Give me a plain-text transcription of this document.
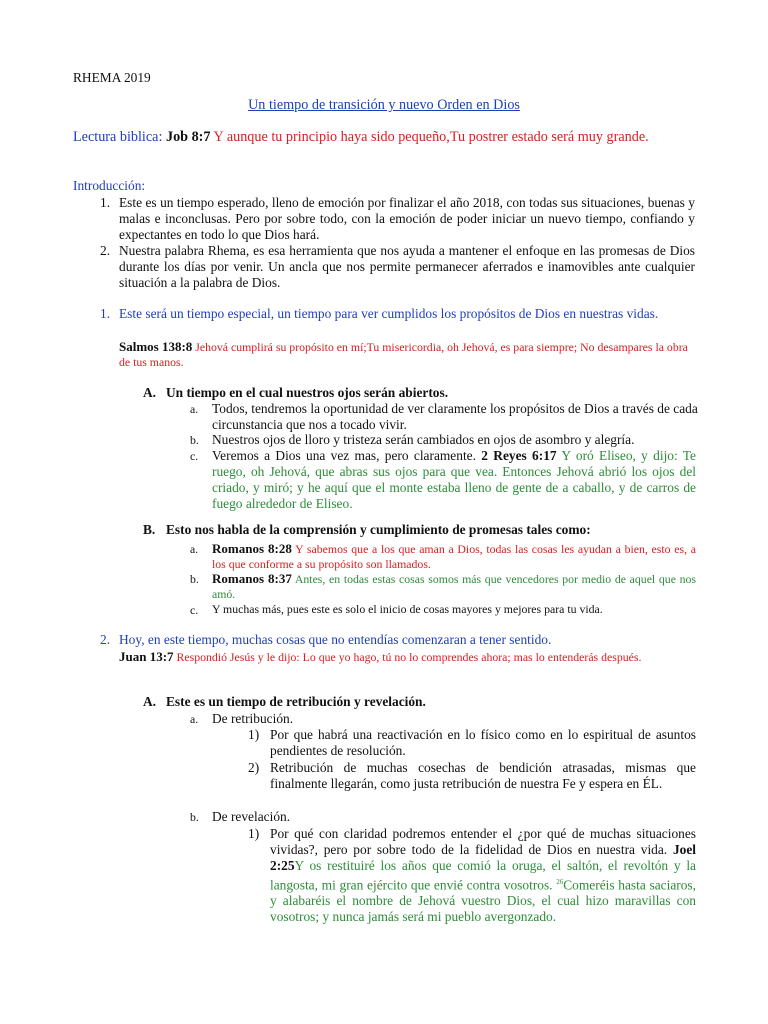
RHEMA 2019
Un tiempo de transición y nuevo Orden en Dios
Lectura biblica: Job 8:7 Y aunque tu principio haya sido pequeño,Tu postrer estado será muy grande.
Introducción:
1. Este es un tiempo esperado, lleno de emoción por finalizar el año 2018, con todas sus situaciones, buenas y malas e inconclusas. Pero por sobre todo, con la emoción de poder iniciar un nuevo tiempo, confiando y expectantes en todo lo que Dios hará.
2. Nuestra palabra Rhema, es esa herramienta que nos ayuda a mantener el enfoque en las promesas de Dios durante los días por venir. Un ancla que nos permite permanecer aferrados e inamovibles ante cualquier situación a la palabra de Dios.
1. Este será un tiempo especial, un tiempo para ver cumplidos los propósitos de Dios en nuestras vidas.
Salmos 138:8 Jehová cumplirá su propósito en mí;Tu misericordia, oh Jehová, es para siempre; No desampares la obra de tus manos.
A. Un tiempo en el cual nuestros ojos serán abiertos.
a. Todos, tendremos la oportunidad de ver claramente los propósitos de Dios a través de cada circunstancia que nos a tocado vivir.
b. Nuestros ojos de lloro y tristeza serán cambiados en ojos de asombro y alegría.
c. Veremos a Dios una vez mas, pero claramente. 2 Reyes 6:17 Y oró Eliseo, y dijo: Te ruego, oh Jehová, que abras sus ojos para que vea. Entonces Jehová abrió los ojos del criado, y miró; y he aquí que el monte estaba lleno de gente de a caballo, y de carros de fuego alrededor de Eliseo.
B. Esto nos habla de la comprensión y cumplimiento de promesas tales como:
a. Romanos 8:28 Y sabemos que a los que aman a Dios, todas las cosas les ayudan a bien, esto es, a los que conforme a su propósito son llamados.
b. Romanos 8:37 Antes, en todas estas cosas somos más que vencedores por medio de aquel que nos amó.
c. Y muchas más, pues este es solo el inicio de cosas mayores y mejores para tu vida.
2. Hoy, en este tiempo, muchas cosas que no entendías comenzaran a tener sentido.
Juan 13:7 Respondió Jesús y le dijo: Lo que yo hago, tú no lo comprendes ahora; mas lo entenderás después.
A. Este es un tiempo de retribución y revelación.
a. De retribución.
1) Por que habrá una reactivación en lo físico como en lo espiritual de asuntos pendientes de resolución.
2) Retribución de muchas cosechas de bendición atrasadas, mismas que finalmente llegarán, como justa retribución de nuestra Fe y espera en ÉL.
b. De revelación.
1) Por qué con claridad podremos entender el ¿por qué de muchas situaciones vividas?, pero por sobre todo de la fidelidad de Dios en nuestra vida. Joel 2:25Y os restituiré los años que comió la oruga, el saltón, el revoltón y la langosta, mi gran ejército que envié contra vosotros. $^{26}$Comeréis hasta saciaros, y alabaréis el nombre de Jehová vuestro Dios, el cual hizo maravillas con vosotros; y nunca jamás será mi pueblo avergonzado.
